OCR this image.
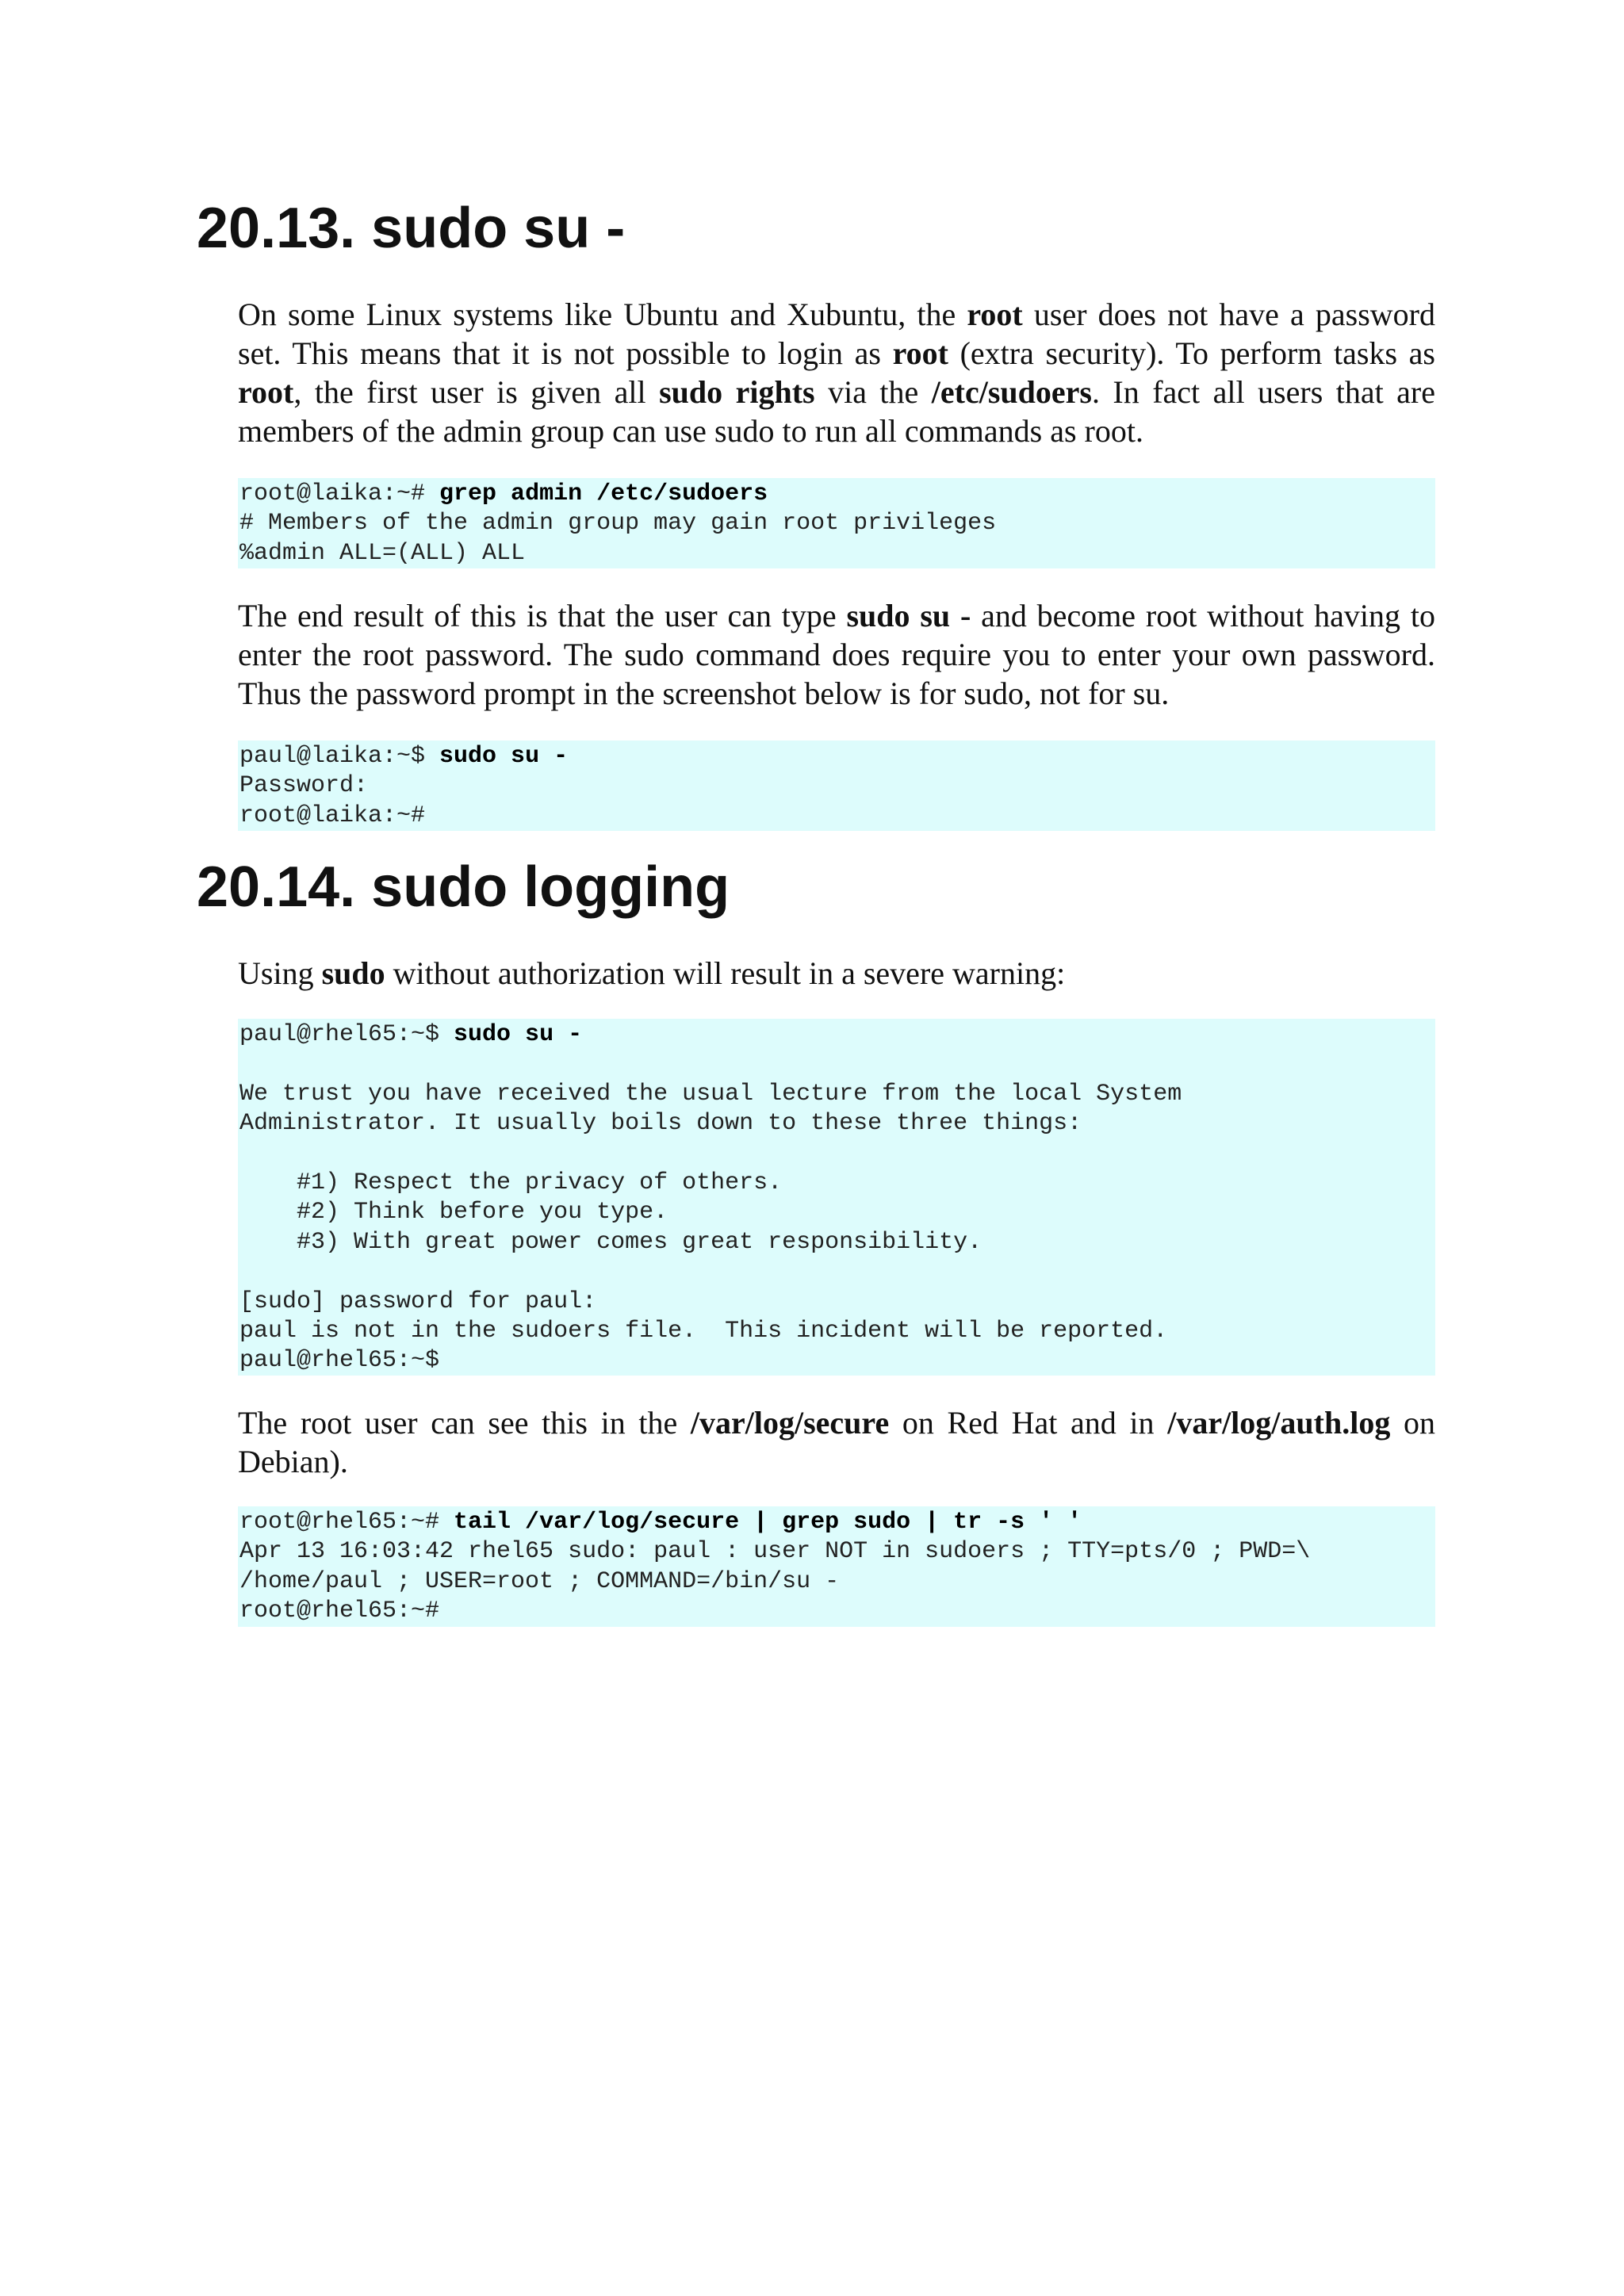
20.13. sudo su -

On some Linux systems like Ubuntu and Xubuntu, the root user does not have a password set. This means that it is not possible to login as root (extra security). To perform tasks as root, the first user is given all sudo rights via the /etc/sudoers. In fact all users that are members of the admin group can use sudo to run all commands as root.

root@laika:~# grep admin /etc/sudoers
# Members of the admin group may gain root privileges
%admin ALL=(ALL) ALL

The end result of this is that the user can type sudo su - and become root without having to enter the root password. The sudo command does require you to enter your own password. Thus the password prompt in the screenshot below is for sudo, not for su.

paul@laika:~$ sudo su -
Password:
root@laika:~#
20.14. sudo logging

Using sudo without authorization will result in a severe warning:

paul@rhel65:~$ sudo su -
We trust you have received the usual lecture from the local System
Administrator. It usually boils down to these three things:
#1) Respect the privacy of others.
#2) Think before you type.
#3) With great power comes great responsibility.
[sudo] password for paul:
paul is not in the sudoers file.  This incident will be reported.
paul@rhel65:~$

The root user can see this in the /var/log/secure on Red Hat and in /var/log/auth.log on Debian).

root@rhel65:~# tail /var/log/secure | grep sudo | tr -s ' '
Apr 13 16:03:42 rhel65 sudo: paul : user NOT in sudoers ; TTY=pts/0 ; PWD=\
/home/paul ; USER=root ; COMMAND=/bin/su -
root@rhel65:~#
